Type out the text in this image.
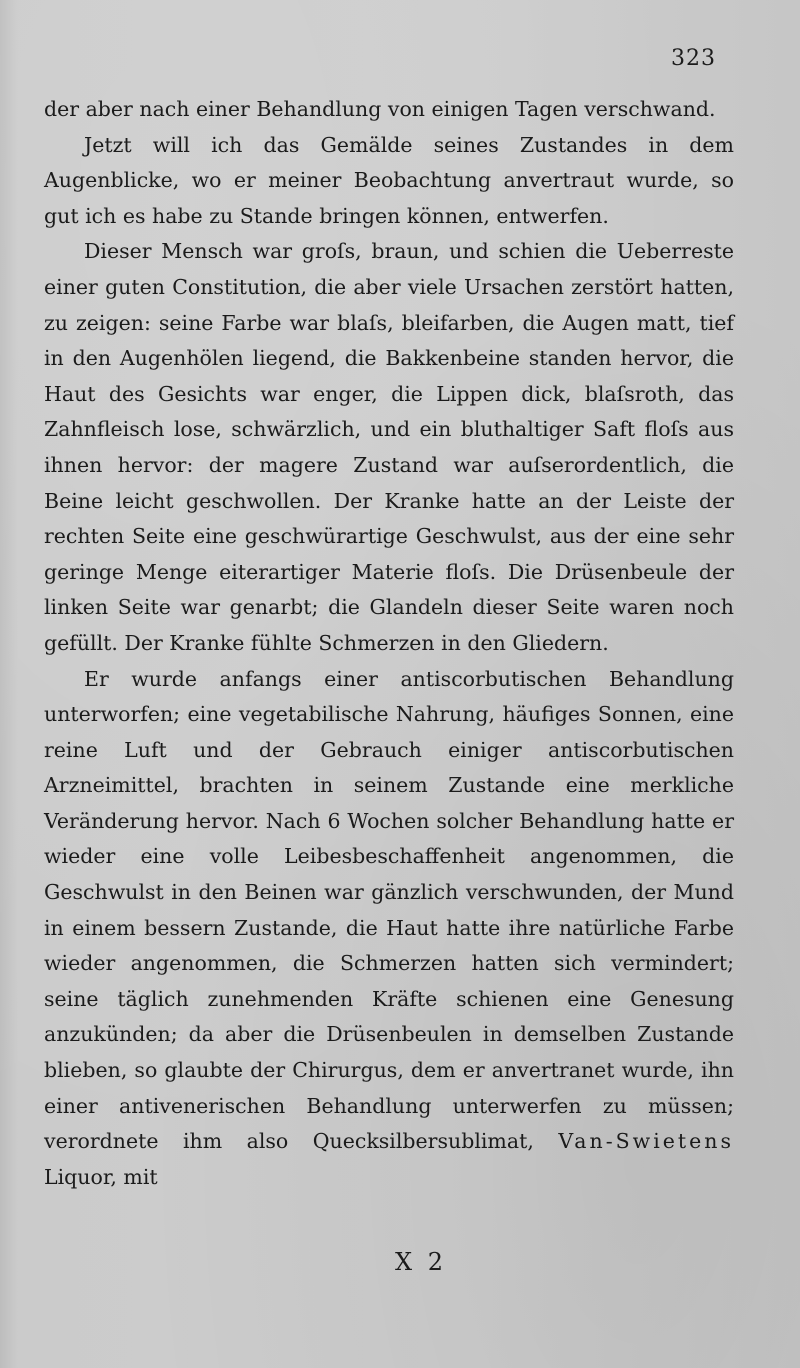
323

der aber nach einer Behandlung von einigen Tagen verschwand.

Jetzt will ich das Gemälde seines Zustandes in dem Augenblicke, wo er meiner Beobachtung anvertraut wurde, so gut ich es habe zu Stande bringen können, entwerfen.

Dieser Mensch war groſs, braun, und schien die Ueberreste einer guten Constitution, die aber viele Ursachen zerstört hatten, zu zeigen: seine Farbe war blaſs, bleifarben, die Augen matt, tief in den Augenhölen liegend, die Bakkenbeine standen hervor, die Haut des Gesichts war enger, die Lippen dick, blaſsroth, das Zahnfleisch lose, schwärzlich, und ein bluthaltiger Saft floſs aus ihnen hervor: der magere Zustand war auſserordentlich, die Beine leicht geschwollen. Der Kranke hatte an der Leiste der rechten Seite eine geschwürartige Geschwulst, aus der eine sehr geringe Menge eiterartiger Materie floſs. Die Drüsenbeule der linken Seite war genarbt; die Glandeln dieser Seite waren noch gefüllt. Der Kranke fühlte Schmerzen in den Gliedern.

Er wurde anfangs einer antiscorbutischen Behandlung unterworfen; eine vegetabilische Nahrung, häufiges Sonnen, eine reine Luft und der Gebrauch einiger antiscorbutischen Arzneimittel, brachten in seinem Zustande eine merkliche Veränderung hervor. Nach 6 Wochen solcher Behandlung hatte er wieder eine volle Leibesbeschaffenheit angenommen, die Geschwulst in den Beinen war gänzlich verschwunden, der Mund in einem bessern Zustande, die Haut hatte ihre natürliche Farbe wieder angenommen, die Schmerzen hatten sich vermindert; seine täglich zunehmenden Kräfte schienen eine Genesung anzukünden; da aber die Drüsenbeulen in demselben Zustande blieben, so glaubte der Chirurgus, dem er anvertranet wurde, ihn einer antivenerischen Behandlung unterwerfen zu müssen; verordnete ihm also Quecksilbersublimat, Van-Swietens Liquor, mit

X 2
